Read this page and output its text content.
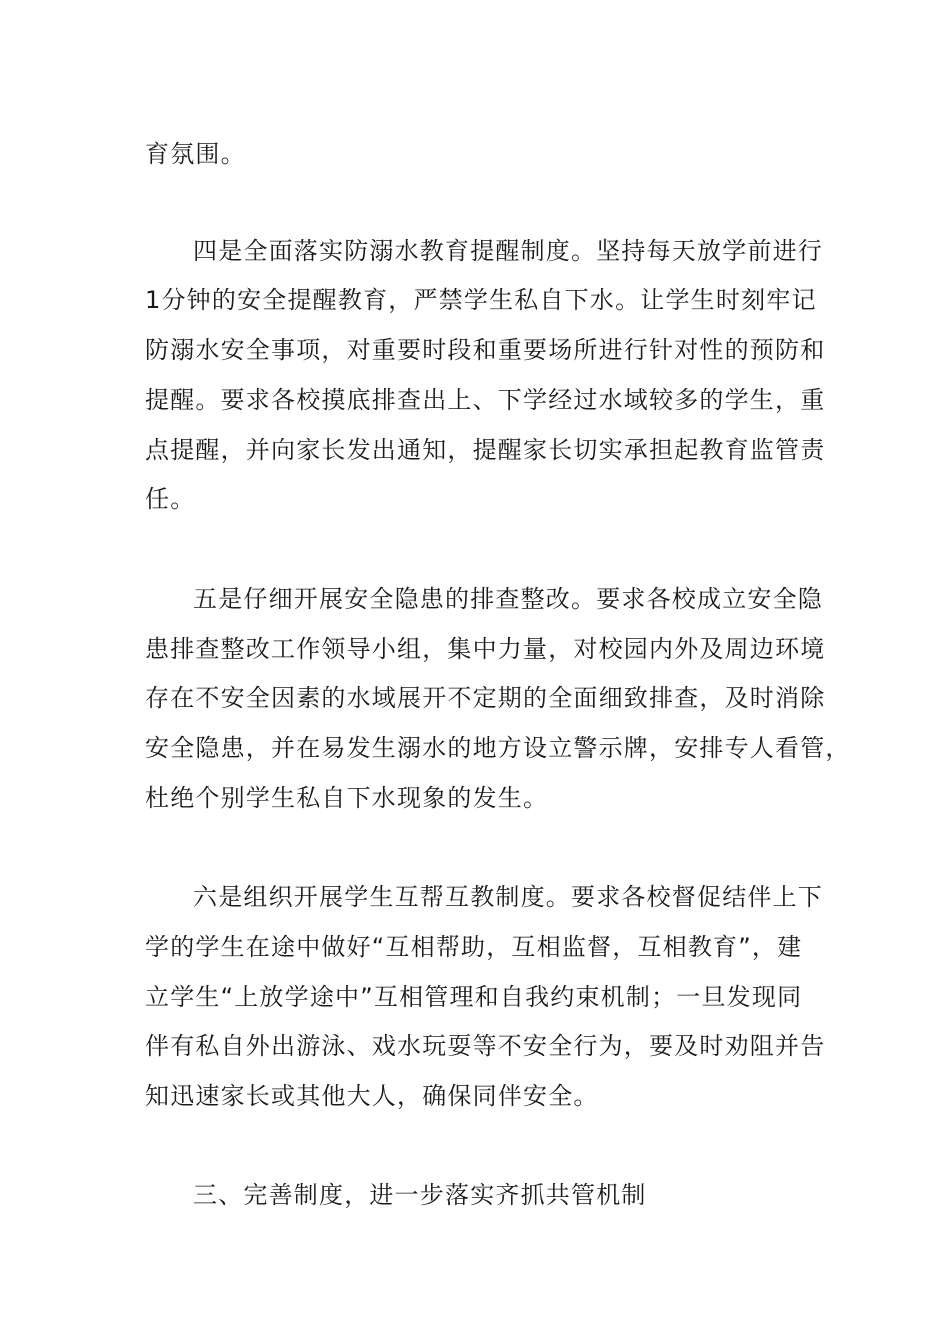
育氛围。
四是全面落实防溺水教育提醒制度。坚持每天放学前进行
1分钟的安全提醒教育，严禁学生私自下水。让学生时刻牢记
防溺水安全事项，对重要时段和重要场所进行针对性的预防和
提醒。要求各校摸底排查出上、下学经过水域较多的学生，重
点提醒，并向家长发出通知，提醒家长切实承担起教育监管责
任。
五是仔细开展安全隐患的排查整改。要求各校成立安全隐
患排查整改工作领导小组，集中力量，对校园内外及周边环境
存在不安全因素的水域展开不定期的全面细致排查，及时消除
安全隐患，并在易发生溺水的地方设立警示牌，安排专人看管，
杜绝个别学生私自下水现象的发生。
六是组织开展学生互帮互教制度。要求各校督促结伴上下
学的学生在途中做好“互相帮助，互相监督，互相教育”，建
立学生“上放学途中”互相管理和自我约束机制；一旦发现同
伴有私自外出游泳、戏水玩耍等不安全行为，要及时劝阻并告
知迅速家长或其他大人，确保同伴安全。
三、完善制度，进一步落实齐抓共管机制
